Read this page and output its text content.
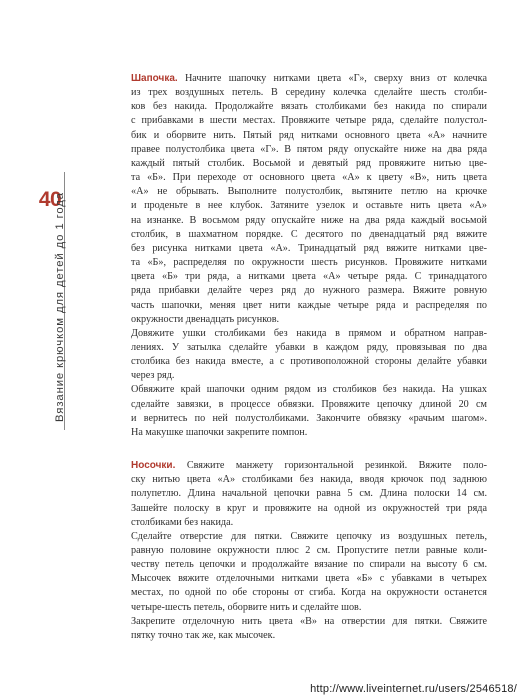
40
Вязание крючком для детей до 1 года
Шапочка. Начните шапочку нитками цвета «Г», сверху вниз от колечка
из трех воздушных петель. В середину колечка сделайте шесть столби-
ков без накида. Продолжайте вязать столбиками без накида по спирали
с прибавками в шести местах. Провяжите четыре ряда, сделайте полустол-
бик и оборвите нить. Пятый ряд нитками основного цвета «А» начните
правее полустолбика цвета «Г». В пятом ряду опускайте ниже на два ряда
каждый пятый столбик. Восьмой и девятый ряд провяжите нитью цве-
та «Б». При переходе от основного цвета «А» к цвету «В», нить цвета
«А» не обрывать. Выполните полустолбик, вытяните петлю на крючке
и проденьте в нее клубок. Затяните узелок и оставьте нить цвета «А»
на изнанке. В восьмом ряду опускайте ниже на два ряда каждый восьмой
столбик, в шахматном порядке. С десятого по двенадцатый ряд вяжите
без рисунка нитками цвета «А». Тринадцатый ряд вяжите нитками цве-
та «Б», распределяя по окружности шесть рисунков. Провяжите нитками
цвета «Б» три ряда, а нитками цвета «А» четыре ряда. С тринадцатого
ряда прибавки делайте через ряд до нужного размера. Вяжите ровную
часть шапочки, меняя цвет нити каждые четыре ряда и распределяя по
окружности двенадцать рисунков.
Довяжите ушки столбиками без накида в прямом и обратном направ-
лениях. У затылка сделайте убавки в каждом ряду, провязывая по два
столбика без накида вместе, а с противоположной стороны делайте убавки
через ряд.
Обвяжите край шапочки одним рядом из столбиков без накида. На ушках
сделайте завязки, в процессе обвязки. Провяжите цепочку длиной 20 см
и вернитесь по ней полустолбиками. Закончите обвязку «рачьим шагом».
На макушке шапочки закрепите помпон.
Носочки. Свяжите манжету горизонтальной резинкой. Вяжите поло-
ску нитью цвета «А» столбиками без накида, вводя крючок под заднюю
полупетлю. Длина начальной цепочки равна 5 см. Длина полоски 14 см.
Зашейте полоску в круг и провяжите на одной из окружностей три ряда
столбиками без накида.
Сделайте отверстие для пятки. Свяжите цепочку из воздушных петель,
равную половине окружности плюс 2 см. Пропустите петли равные коли-
честву петель цепочки и продолжайте вязание по спирали на высоту 6 см.
Мысочек вяжите отделочными нитками цвета «Б» с убавками в четырех
местах, по одной по обе стороны от сгиба. Когда на окружности останется
четыре-шесть петель, оборвите нить и сделайте шов.
Закрепите отделочную нить цвета «В» на отверстии для пятки. Свяжите
пятку точно так же, как мысочек.
http://www.liveinternet.ru/users/2546518/
